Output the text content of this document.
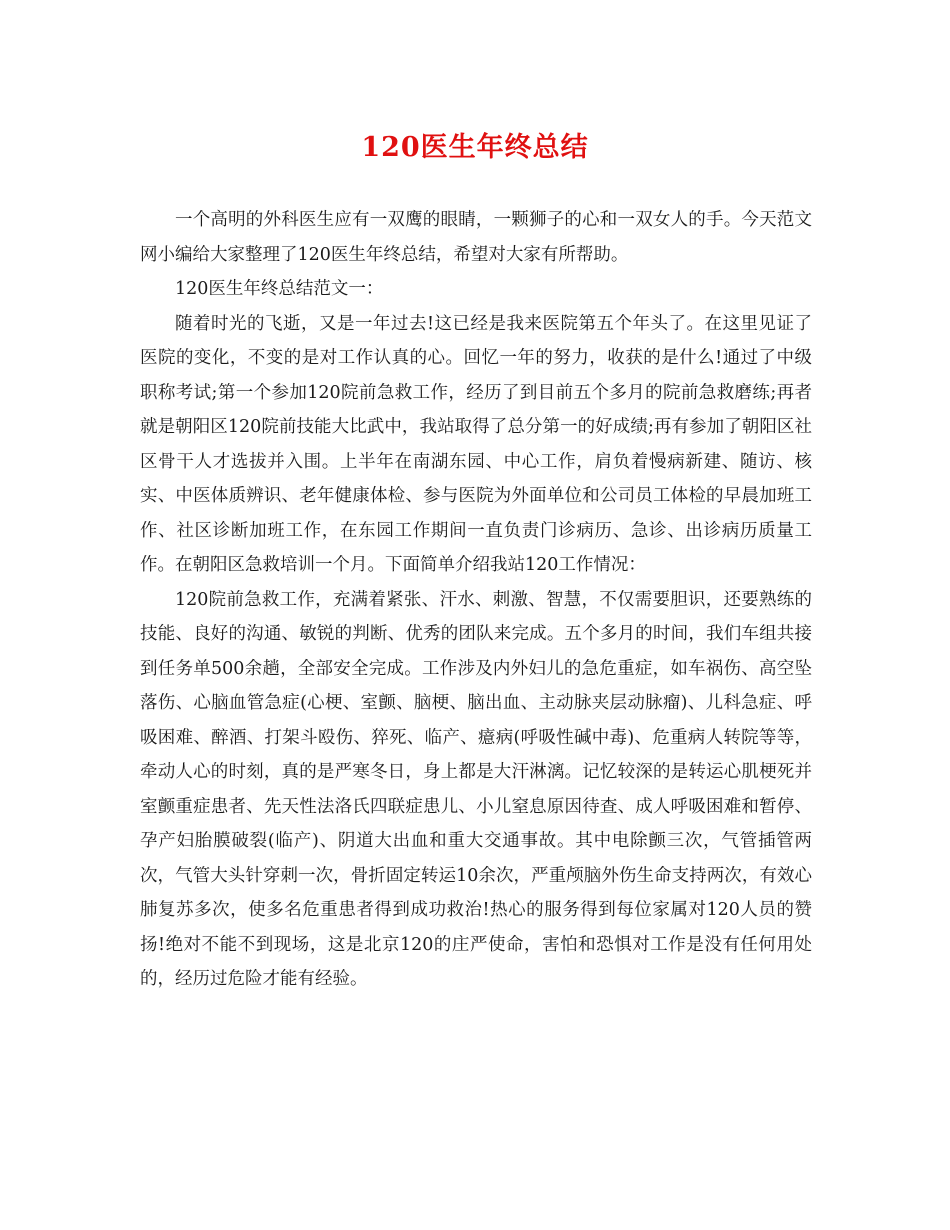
120医生年终总结

一个高明的外科医生应有一双鹰的眼睛，一颗狮子的心和一双女人的手。今天范文网小编给大家整理了120医生年终总结，希望对大家有所帮助。

120医生年终总结范文一：

随着时光的飞逝，又是一年过去!这已经是我来医院第五个年头了。在这里见证了医院的变化，不变的是对工作认真的心。回忆一年的努力，收获的是什么!通过了中级职称考试;第一个参加120院前急救工作，经历了到目前五个多月的院前急救磨练;再者就是朝阳区120院前技能大比武中，我站取得了总分第一的好成绩;再有参加了朝阳区社区骨干人才选拔并入围。上半年在南湖东园、中心工作，肩负着慢病新建、随访、核实、中医体质辨识、老年健康体检、参与医院为外面单位和公司员工体检的早晨加班工作、社区诊断加班工作，在东园工作期间一直负责门诊病历、急诊、出诊病历质量工作。在朝阳区急救培训一个月。下面简单介绍我站120工作情况：

120院前急救工作，充满着紧张、汗水、刺激、智慧，不仅需要胆识，还要熟练的技能、良好的沟通、敏锐的判断、优秀的团队来完成。五个多月的时间，我们车组共接到任务单500余趟，全部安全完成。工作涉及内外妇儿的急危重症，如车祸伤、高空坠落伤、心脑血管急症(心梗、室颤、脑梗、脑出血、主动脉夹层动脉瘤)、儿科急症、呼吸困难、醉酒、打架斗殴伤、猝死、临产、癔病(呼吸性碱中毒)、危重病人转院等等，牵动人心的时刻，真的是严寒冬日，身上都是大汗淋漓。记忆较深的是转运心肌梗死并室颤重症患者、先天性法洛氏四联症患儿、小儿窒息原因待查、成人呼吸困难和暂停、孕产妇胎膜破裂(临产)、阴道大出血和重大交通事故。其中电除颤三次，气管插管两次，气管大头针穿刺一次，骨折固定转运10余次，严重颅脑外伤生命支持两次，有效心肺复苏多次，使多名危重患者得到成功救治!热心的服务得到每位家属对120人员的赞扬!绝对不能不到现场，这是北京120的庄严使命，害怕和恐惧对工作是没有任何用处的，经历过危险才能有经验。
